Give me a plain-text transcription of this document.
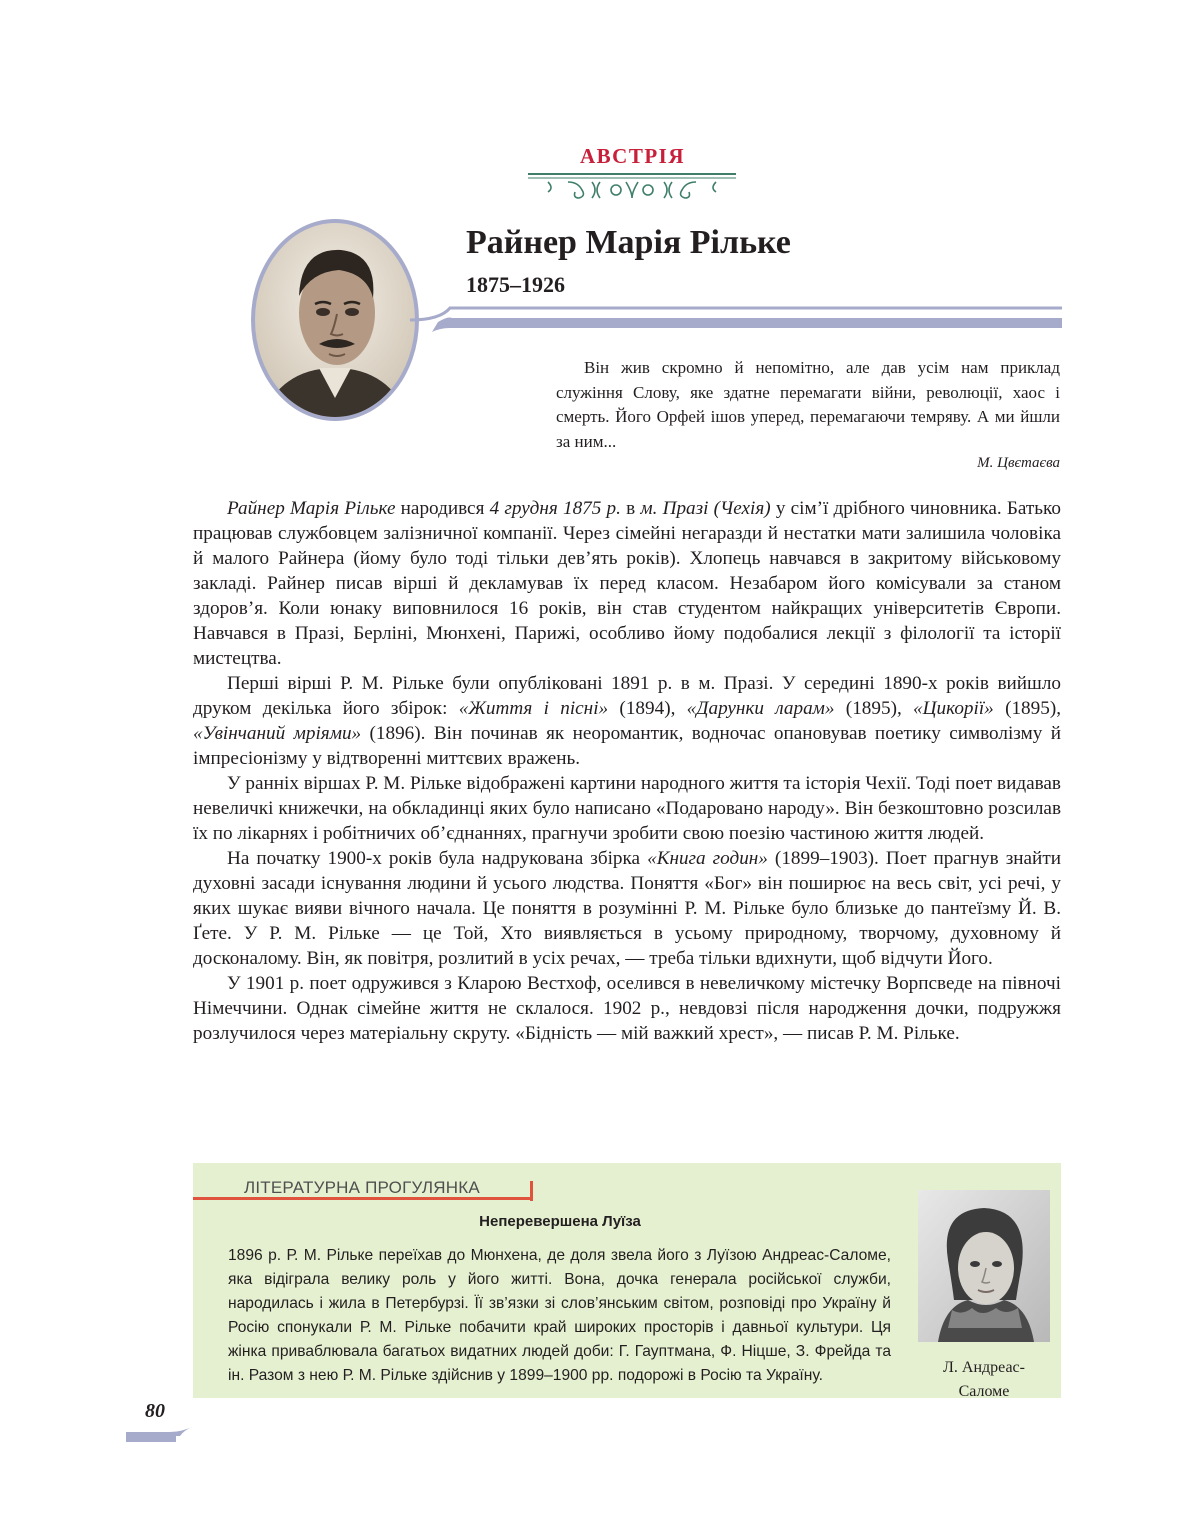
АВСТРІЯ
Райнер Марія Рільке
1875–1926
Він жив скромно й непомітно, але дав усім нам приклад служіння Слову, яке здатне перемагати війни, революції, хаос і смерть. Його Орфей ішов уперед, перемагаючи темряву. А ми йшли за ним...
М. Цвєтаєва

Райнер Марія Рільке народився 4 грудня 1875 р. в м. Празі (Чехія) у сім’ї дрібного чиновника. Батько працював службовцем залізничної компанії. Через сімейні негаразди й нестатки мати залишила чоловіка й малого Райнера (йому було тоді тільки дев’ять років). Хлопець навчався в закритому військовому закладі. Райнер писав вірші й декламував їх перед класом. Незабаром його комісували за станом здоров’я. Коли юнаку виповнилося 16 років, він став студентом найкращих університетів Європи. Навчався в Празі, Берліні, Мюнхені, Парижі, особливо йому подобалися лекції з філології та історії мистецтва.

Перші вірші Р. М. Рільке були опубліковані 1891 р. в м. Празі. У середині 1890-х років вийшло друком декілька його збірок: «Життя і пісні» (1894), «Дарунки ларам» (1895), «Цикорії» (1895), «Увінчаний мріями» (1896). Він починав як неоромантик, водночас опановував поетику символізму й імпресіонізму у відтворенні миттєвих вражень.

У ранніх віршах Р. М. Рільке відображені картини народного життя та історія Чехії. Тоді поет видавав невеличкі книжечки, на обкладинці яких було написано «Подаровано народу». Він безкоштовно розсилав їх по лікарнях і робітничих об’єднаннях, прагнучи зробити свою поезію частиною життя людей.

На початку 1900-х років була надрукована збірка «Книга годин» (1899–1903). Поет прагнув знайти духовні засади існування людини й усього людства. Поняття «Бог» він поширює на весь світ, усі речі, у яких шукає вияви вічного начала. Це поняття в розумінні Р. М. Рільке було близьке до пантеїзму Й. В. Ґете. У Р. М. Рільке — це Той, Хто виявляється в усьому природному, творчому, духовному й досконалому. Він, як повітря, розлитий в усіх речах, — треба тільки вдихнути, щоб відчути Його.

У 1901 р. поет одружився з Кларою Вестхоф, оселився в невеличкому містечку Ворпсведе на півночі Німеччини. Однак сімейне життя не склалося. 1902 р., невдовзі після народження дочки, подружжя розлучилося через матеріальну скруту. «Бідність — мій важкий хрест», — писав Р. М. Рільке.

ЛІТЕРАТУРНА ПРОГУЛЯНКА
Неперевершена Луїза
1896 р. Р. М. Рільке переїхав до Мюнхена, де доля звела його з Луїзою Андреас-Саломе, яка відіграла велику роль у його житті. Вона, дочка генерала російської служби, народилась і жила в Петербурзі. Її зв’язки зі слов’янським світом, розповіді про Україну й Росію спонукали Р. М. Рільке побачити край широких просторів і давньої культури. Ця жінка приваблювала багатьох видатних людей доби: Г. Гауптмана, Ф. Ніцше, З. Фрейда та ін. Разом з нею Р. М. Рільке здійснив у 1899–1900 рр. подорожі в Росію та Україну.	Л. Андреас-
Саломе
80
